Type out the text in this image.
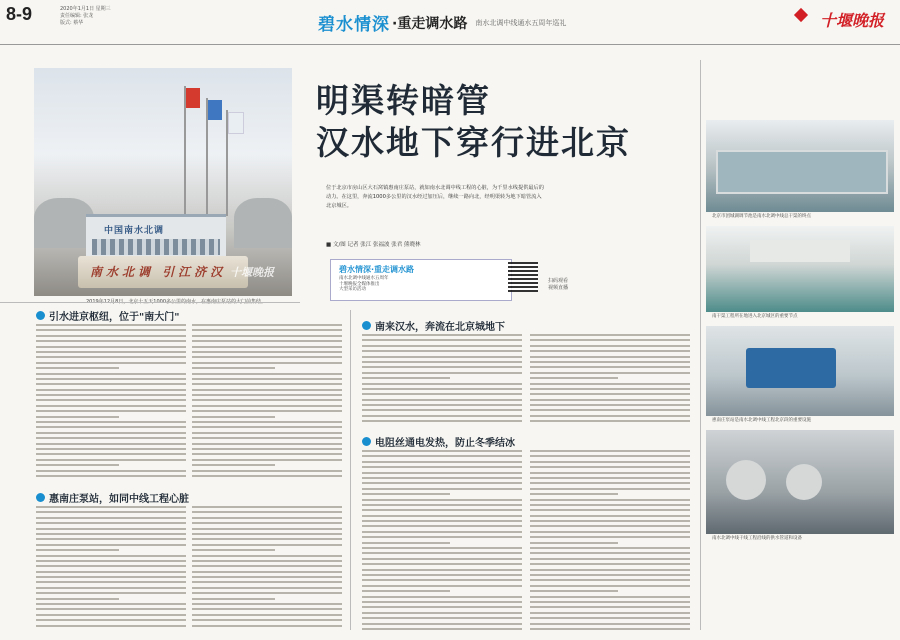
8-9	2020年1月1日 星期三
责任编辑: 张龙
版式: 蔡华	碧水情深 ·重走调水路 南水北调中线通水五周年巡礼	十堰晚报
中国南水北调
南水北调 引江济汉 十堰晚报
明渠转暗管
汉水地下穿行进北京
位于北京市房山区大石窝镇惠南庄泵站，就如南水北调中线工程的心脏，为千里水线提供最后的动力。在这里，奔流1000多公里的汉水经过加压后，继续一路向北，经明渠转为地下暗管流入北京城区。
■ 文/图 记者 张江 张福波 张君 熊晓林
碧水情深·重走调水路
南水北调中线通水五周年
十堰晚报全媒体推出
大型采访活动
扫码观看
视频直播
北京市团城湖调节池是南水北调中线总干渠的终点
南干渠工程所在地进入北京城区的重要节点
惠南庄泵站是南水北调中线工程北京段的重要设施
南水北调中线干线工程沿线的供水管道和设备
引水进京枢纽，位于"南大门"
惠南庄泵站，如同中线工程心脏
南来汉水，奔流在北京城地下
电阻丝通电发热，防止冬季结冰
